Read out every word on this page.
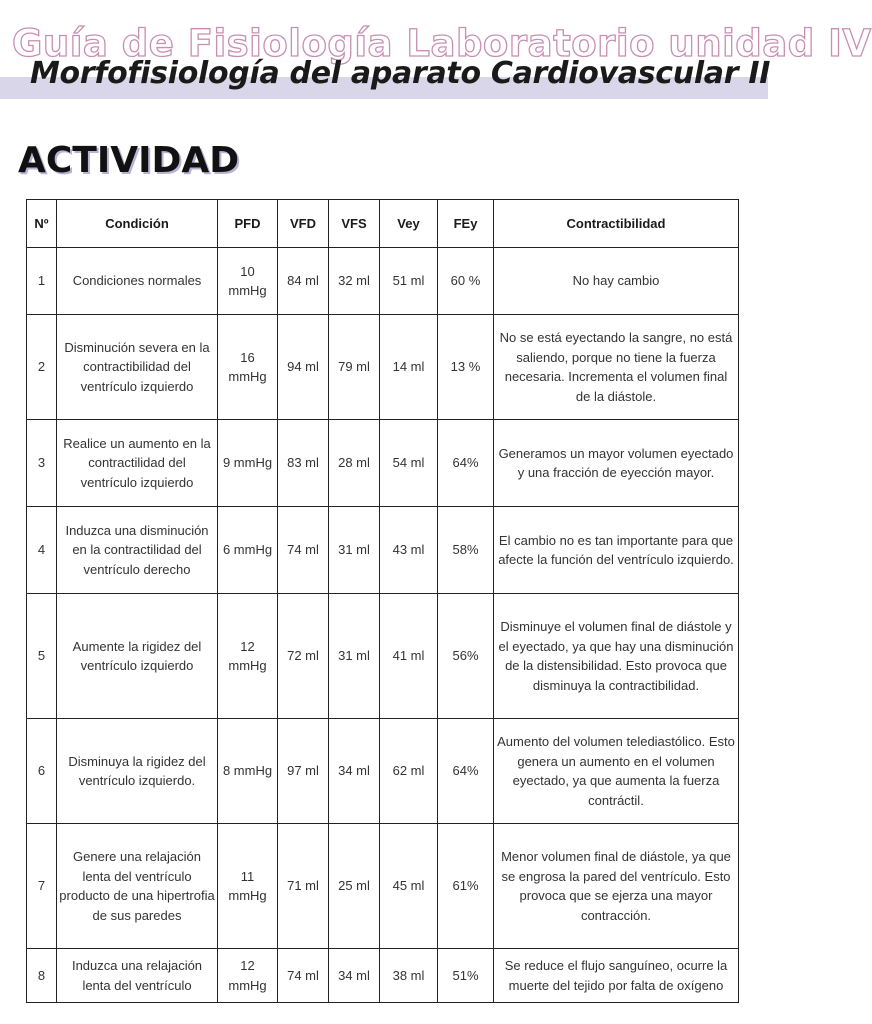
Guía de Fisiología Laboratorio unidad IV
Morfofisiología del aparato Cardiovascular II
ACTIVIDAD
Nº	Condición	PFD	VFD	VFS	Vey	FEy	Contractibilidad
1	Condiciones normales	10 mmHg	84 ml	32 ml	51 ml	60 %	No hay cambio
2	Disminución severa en la contractibilidad del ventrículo izquierdo	16 mmHg	94 ml	79 ml	14 ml	13 %	No se está eyectando la sangre, no está saliendo, porque no tiene la fuerza necesaria. Incrementa el volumen final de la diástole.
3	Realice un aumento en la contractilidad del ventrículo izquierdo	9 mmHg	83 ml	28 ml	54 ml	64%	Generamos un mayor volumen eyectado y una fracción de eyección mayor.
4	Induzca una disminución en la contractilidad del ventrículo derecho	6 mmHg	74 ml	31 ml	43 ml	58%	El cambio no es tan importante para que afecte la función del ventrículo izquierdo.
5	Aumente la rigidez del ventrículo izquierdo	12 mmHg	72 ml	31 ml	41 ml	56%	Disminuye el volumen final de diástole y el eyectado, ya que hay una disminución de la distensibilidad. Esto provoca que disminuya la contractibilidad.
6	Disminuya la rigidez del ventrículo izquierdo.	8 mmHg	97 ml	34 ml	62 ml	64%	Aumento del volumen telediastólico. Esto genera un aumento en el volumen eyectado, ya que aumenta la fuerza contráctil.
7	Genere una relajación lenta del ventrículo producto de una hipertrofia de sus paredes	11 mmHg	71 ml	25 ml	45 ml	61%	Menor volumen final de diástole, ya que se engrosa la pared del ventrículo. Esto provoca que se ejerza una mayor contracción.
8	Induzca una relajación lenta del ventrículo	12 mmHg	74 ml	34 ml	38 ml	51%	Se reduce el flujo sanguíneo, ocurre la muerte del tejido por falta de oxígeno
